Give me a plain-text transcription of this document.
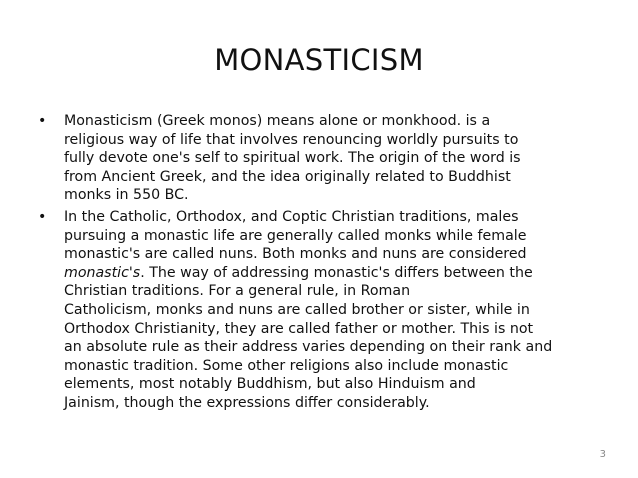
MONASTICISM
• Monasticism (Greek monos) means alone or monkhood. is a
religious way of life that involves renouncing worldly pursuits to
fully devote one's self to spiritual work. The origin of the word is
from Ancient Greek, and the idea originally related to Buddhist
monks in 550 BC.
• In the Catholic, Orthodox, and Coptic Christian traditions, males
pursuing a monastic life are generally called monks while female
monastic's are called nuns. Both monks and nuns are considered
monastic's. The way of addressing monastic's differs between the
Christian traditions. For a general rule, in Roman
Catholicism, monks and nuns are called brother or sister, while in
Orthodox Christianity, they are called father or mother. This is not
an absolute rule as their address varies depending on their rank and
monastic tradition. Some other religions also include monastic
elements, most notably Buddhism, but also Hinduism and
Jainism, though the expressions differ considerably.
3
